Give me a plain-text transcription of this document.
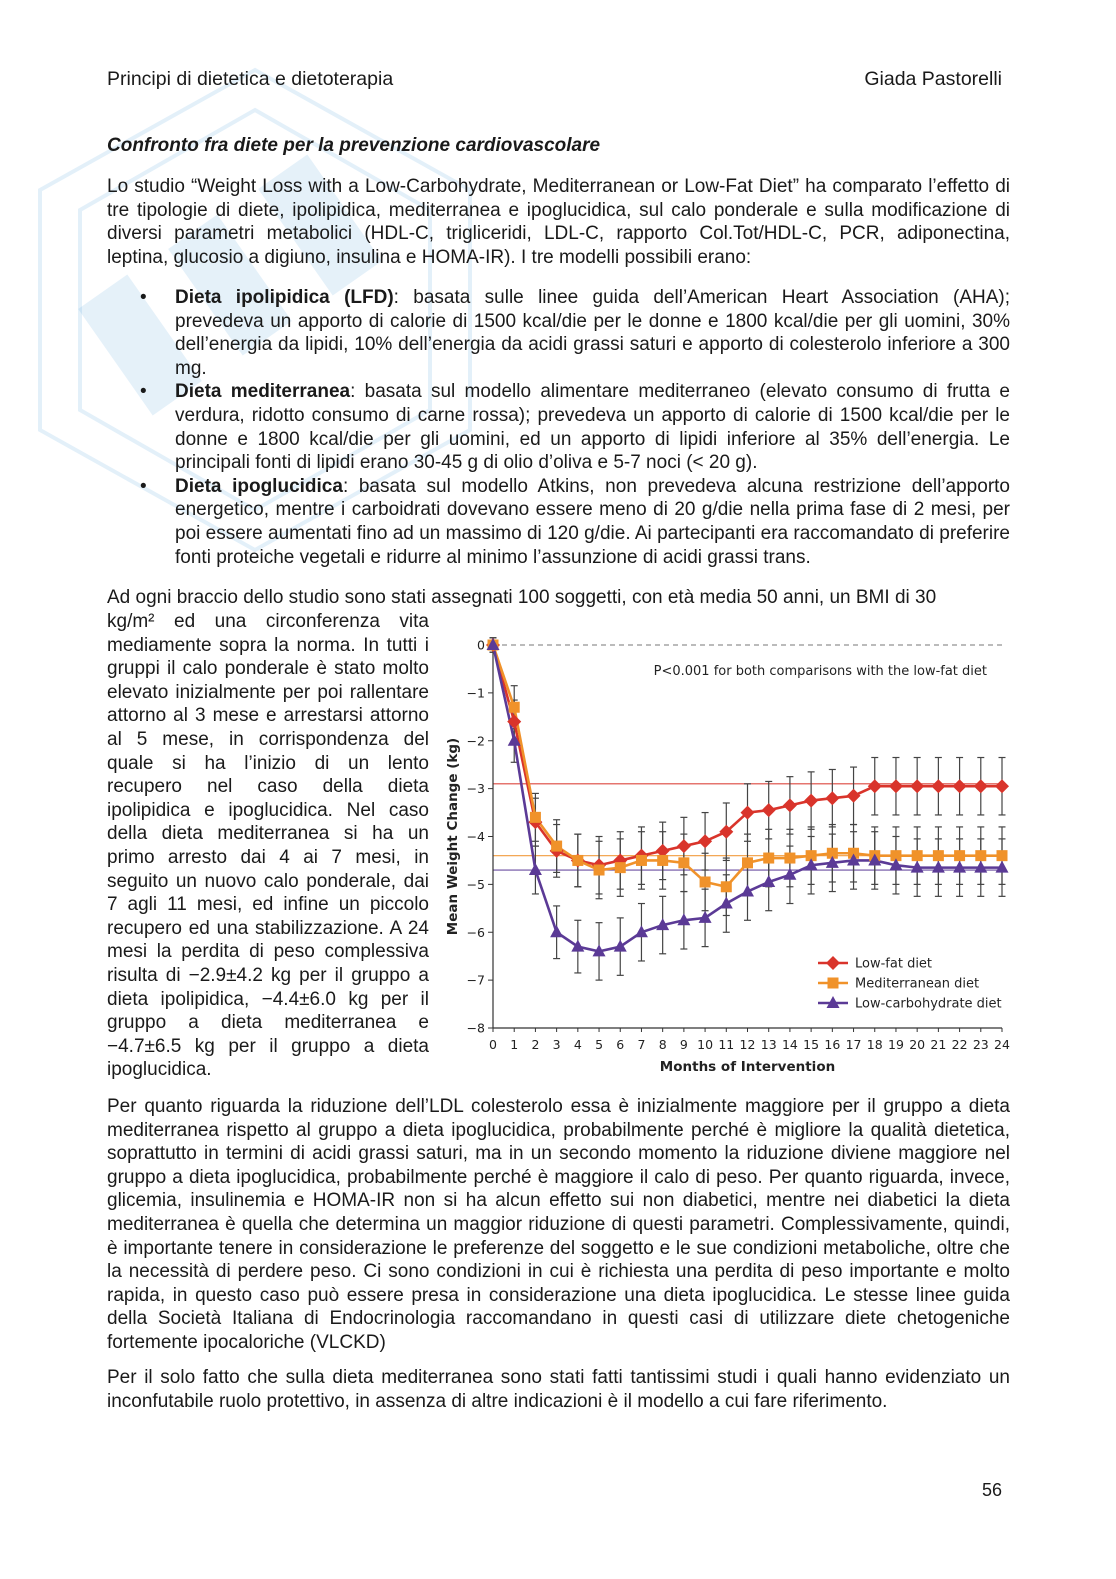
Principi di dietetica e dietoterapia	Giada Pastorelli
Confronto fra diete per la prevenzione cardiovascolare

Lo studio “Weight Loss with a Low-Carbohydrate, Mediterranean or Low-Fat Diet” ha comparato l’effetto di tre tipologie di diete, ipolipidica, mediterranea e ipoglucidica, sul calo ponderale e sulla modificazione di diversi parametri metabolici (HDL-C, trigliceridi, LDL-C, rapporto Col.Tot/HDL-C, PCR, adiponectina, leptina, glucosio a digiuno, insulina e HOMA-IR). I tre modelli possibili erano:

• Dieta ipolipidica (LFD): basata sulle linee guida dell’American Heart Association (AHA); prevedeva un apporto di calorie di 1500 kcal/die per le donne e 1800 kcal/die per gli uomini, 30% dell’energia da lipidi, 10% dell’energia da acidi grassi saturi e apporto di colesterolo inferiore a 300 mg.
• Dieta mediterranea: basata sul modello alimentare mediterraneo (elevato consumo di frutta e verdura, ridotto consumo di carne rossa); prevedeva un apporto di calorie di 1500 kcal/die per le donne e 1800 kcal/die per gli uomini, ed un apporto di lipidi inferiore al 35% dell’energia. Le principali fonti di lipidi erano 30-45 g di olio d’oliva e 5-7 noci (< 20 g).
• Dieta ipoglucidica: basata sul modello Atkins, non prevedeva alcuna restrizione dell’apporto energetico, mentre i carboidrati dovevano essere meno di 20 g/die nella prima fase di 2 mesi, per poi essere aumentati fino ad un massimo di 120 g/die. Ai partecipanti era raccomandato di preferire fonti proteiche vegetali e ridurre al minimo l’assunzione di acidi grassi trans.

Ad ogni braccio dello studio sono stati assegnati 100 soggetti, con età media 50 anni, un BMI di 30

kg/m² ed una circonferenza vita mediamente sopra la norma. In tutti i gruppi il calo ponderale è stato molto elevato inizialmente per poi rallentare attorno al 3 mese e arrestarsi attorno al 5 mese, in corrispondenza del quale si ha l’inizio di un lento recupero nel caso della dieta ipolipidica e ipoglucidica. Nel caso della dieta mediterranea si ha un primo arresto dai 4 ai 7 mesi, in seguito un nuovo calo ponderale, dai 7 agli 11 mesi, ed infine un piccolo recupero ed una stabilizzazione. A 24 mesi la perdita di peso complessiva risulta di −2.9±4.2 kg per il gruppo a dieta ipolipidica, −4.4±6.0 kg per il gruppo a dieta mediterranea e −4.7±6.5 kg per il gruppo a dieta ipoglucidica.

0
−1
−2
−3
−4
−5
−6
−7
−8
0 1 2 3 4 5 6 7 8 9 10 11 12 13 14 15 16 17 18 19 20 21 22 23 24
Months of Intervention
Mean Weight Change (kg)
P<0.001 for both comparisons with the low-fat diet
Low-fat diet
Mediterranean diet
Low-carbohydrate diet

Per quanto riguarda la riduzione dell’LDL colesterolo essa è inizialmente maggiore per il gruppo a dieta mediterranea rispetto al gruppo a dieta ipoglucidica, probabilmente perché è migliore la qualità dietetica, soprattutto in termini di acidi grassi saturi, ma in un secondo momento la riduzione diviene maggiore nel gruppo a dieta ipoglucidica, probabilmente perché è maggiore il calo di peso. Per quanto riguarda, invece, glicemia, insulinemia e HOMA-IR non si ha alcun effetto sui non diabetici, mentre nei diabetici la dieta mediterranea è quella che determina un maggior riduzione di questi parametri. Complessivamente, quindi, è importante tenere in considerazione le preferenze del soggetto e le sue condizioni metaboliche, oltre che la necessità di perdere peso. Ci sono condizioni in cui è richiesta una perdita di peso importante e molto rapida, in questo caso può essere presa in considerazione una dieta ipoglucidica. Le stesse linee guida della Società Italiana di Endocrinologia raccomandano in questi casi di utilizzare diete chetogeniche fortemente ipocaloriche (VLCKD)

Per il solo fatto che sulla dieta mediterranea sono stati fatti tantissimi studi i quali hanno evidenziato un inconfutabile ruolo protettivo, in assenza di altre indicazioni è il modello a cui fare riferimento.

56
